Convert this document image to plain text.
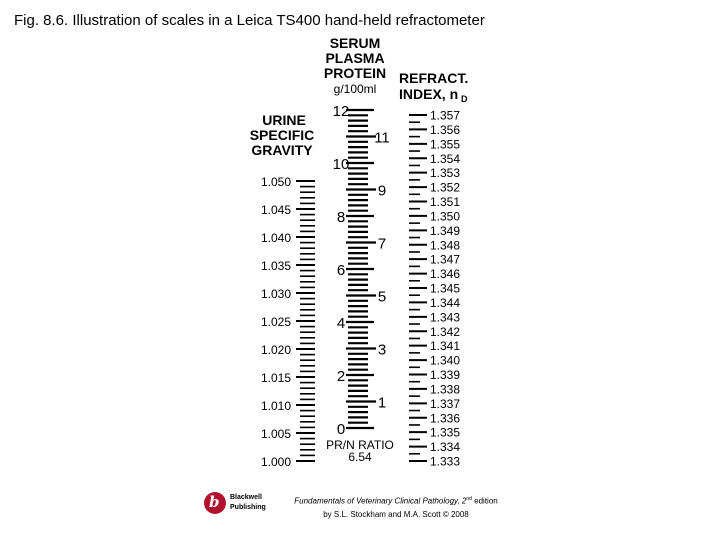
Fig. 8.6. Illustration of scales in a Leica TS400 hand-held refractometer
URINE
SPECIFIC
GRAVITY
SERUM
PLASMA
PROTEIN
g/100ml
REFRACT.
INDEX, n D
1.050
1.045
1.040
1.035
1.030
1.025
1.020
1.015
1.010
1.005
1.000
12
10
8
6
4
2
0
11
9
7
5
3
1
1.357
1.356
1.355
1.354
1.353
1.352
1.351
1.350
1.349
1.348
1.347
1.346
1.345
1.344
1.343
1.342
1.341
1.340
1.339
1.338
1.337
1.336
1.335
1.334
1.333
PR/N RATIO
6.54
b Blackwell
Publishing
Fundamentals of Veterinary Clinical Pathology, 2nd edition
by S.L. Stockham and M.A. Scott © 2008
